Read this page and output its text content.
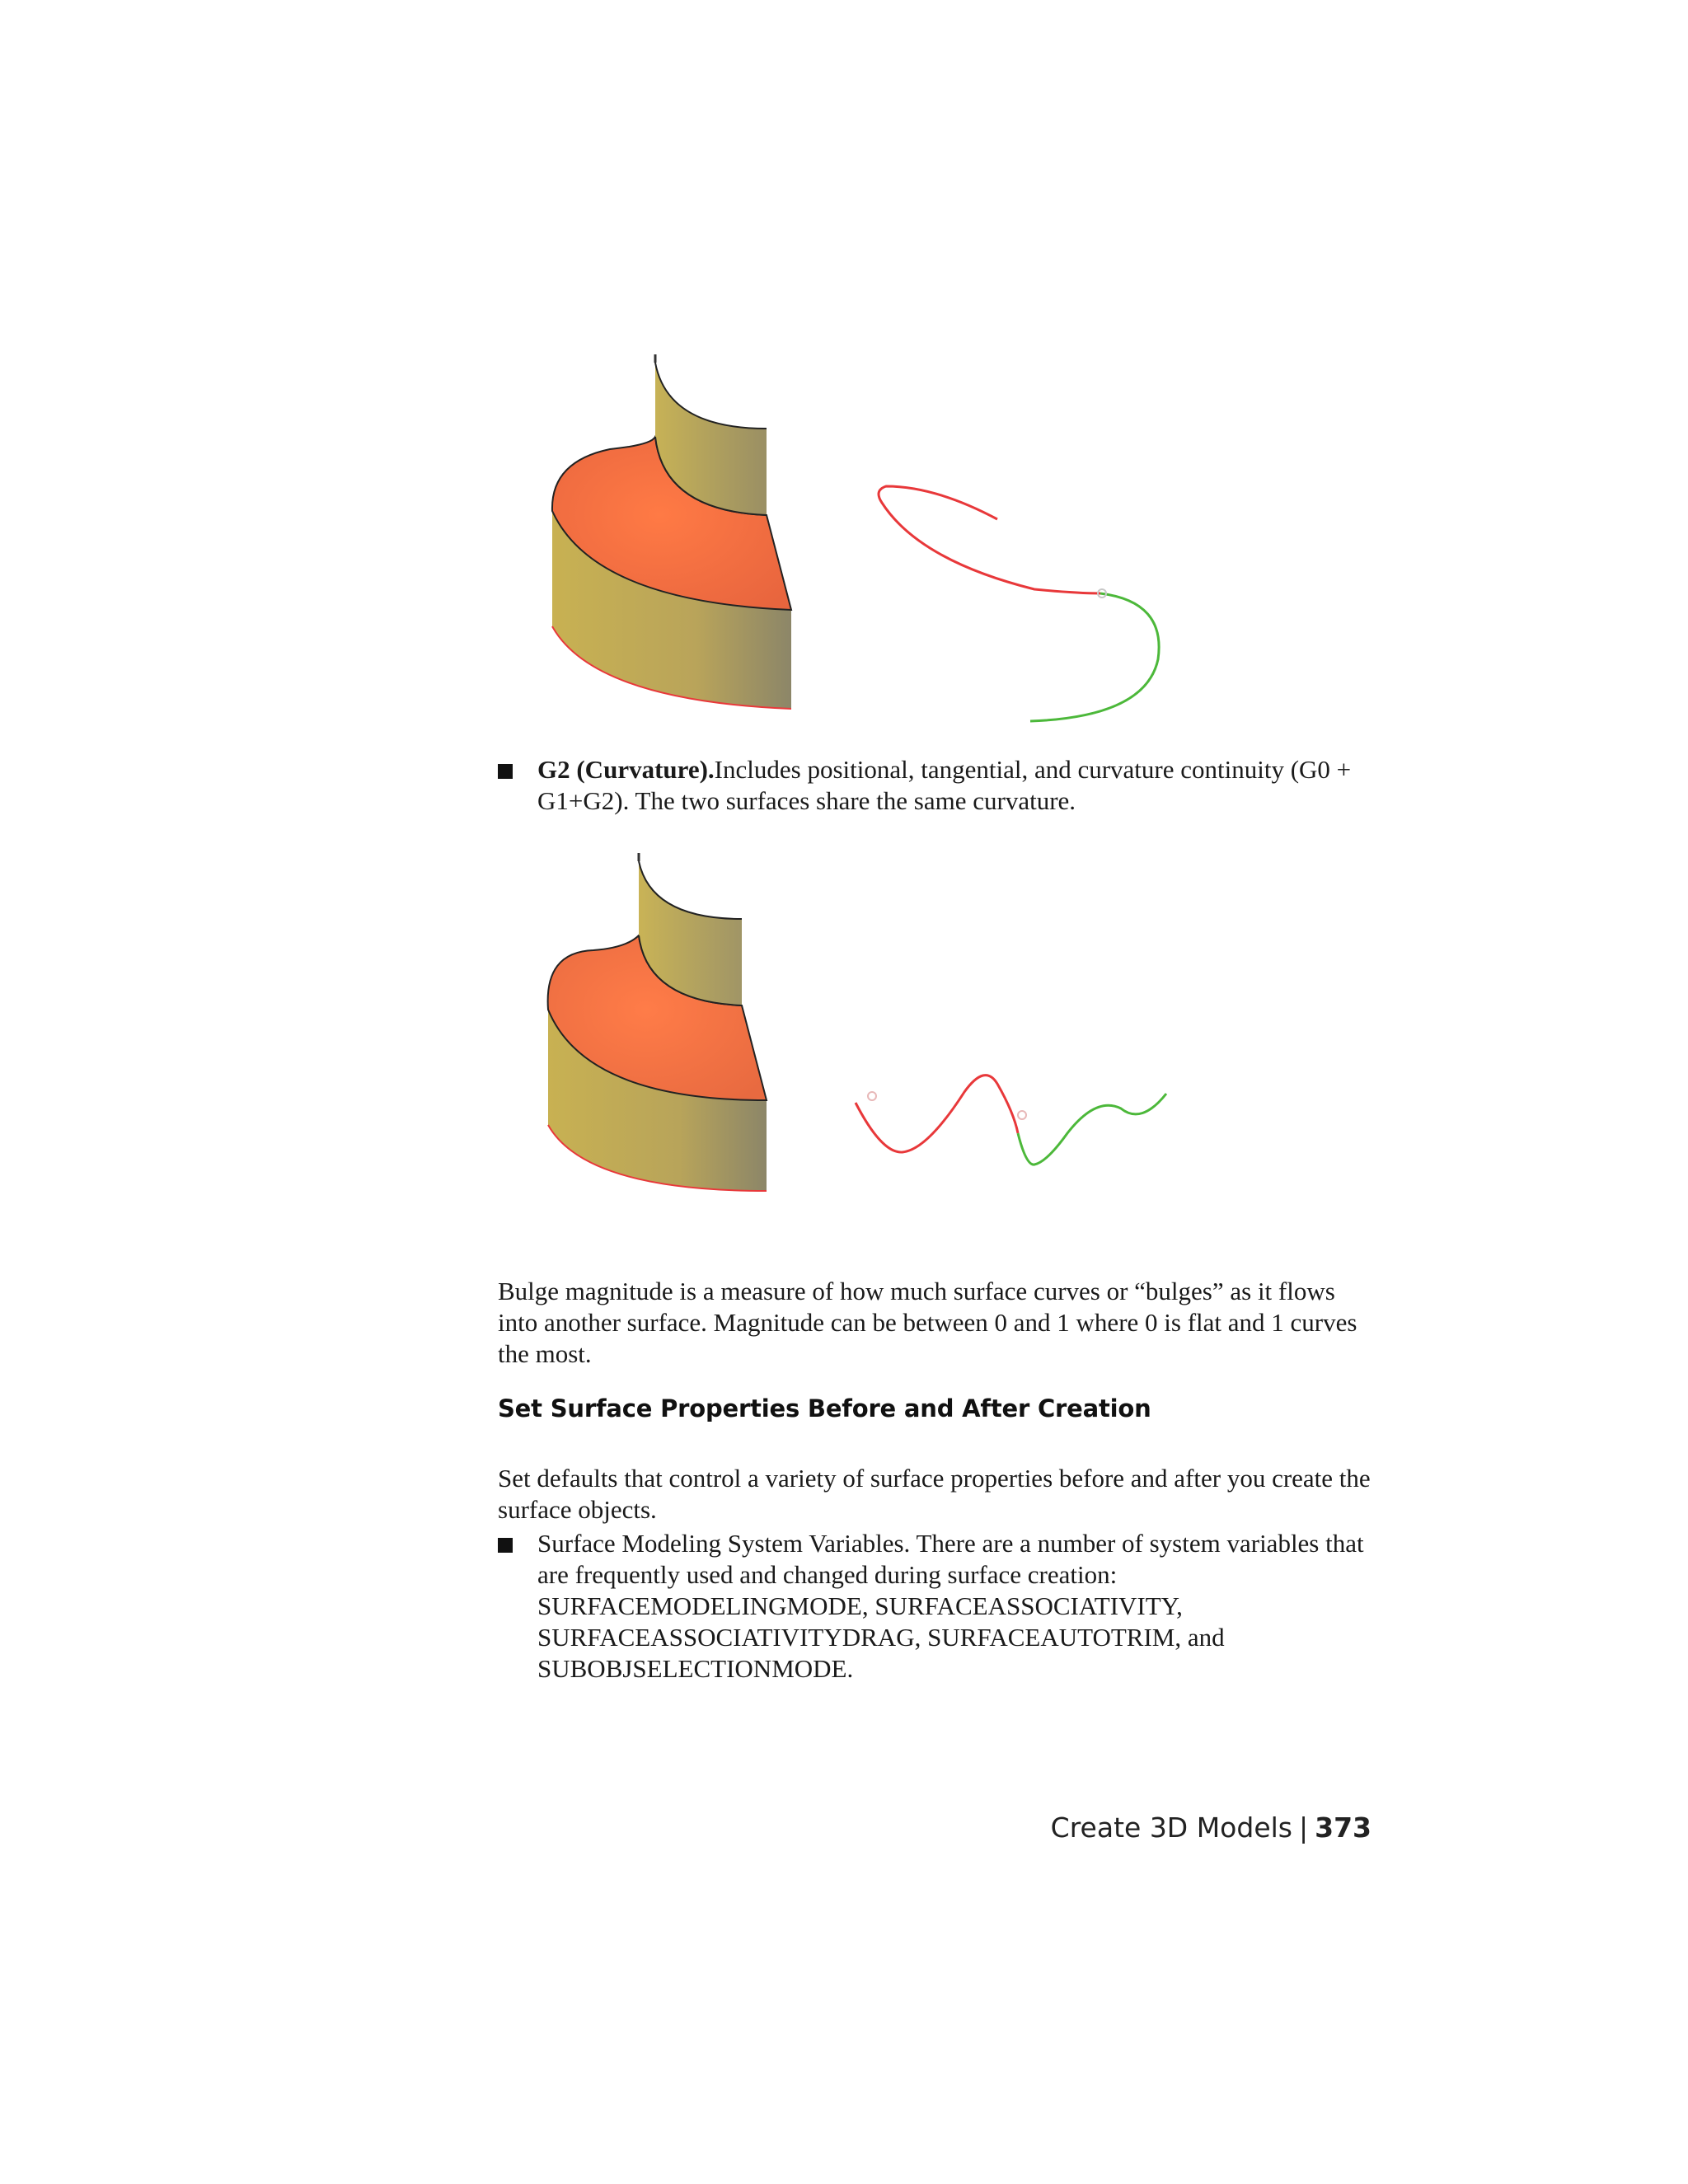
G2 (Curvature).Includes positional, tangential, and curvature continuity (G0 + G1+G2). The two surfaces share the same curvature.
Bulge magnitude is a measure of how much surface curves or “bulges” as it flows into another surface. Magnitude can be between 0 and 1 where 0 is flat and 1 curves the most.
Set Surface Properties Before and After Creation
Set defaults that control a variety of surface properties before and after you create the surface objects.
Surface Modeling System Variables. There are a number of system variables that are frequently used and changed during surface creation: SURFACEMODELINGMODE, SURFACEASSOCIATIVITY, SURFACEASSOCIATIVITYDRAG, SURFACEAUTOTRIM, and SUBOBJSELECTIONMODE.
Create 3D Models | 373
